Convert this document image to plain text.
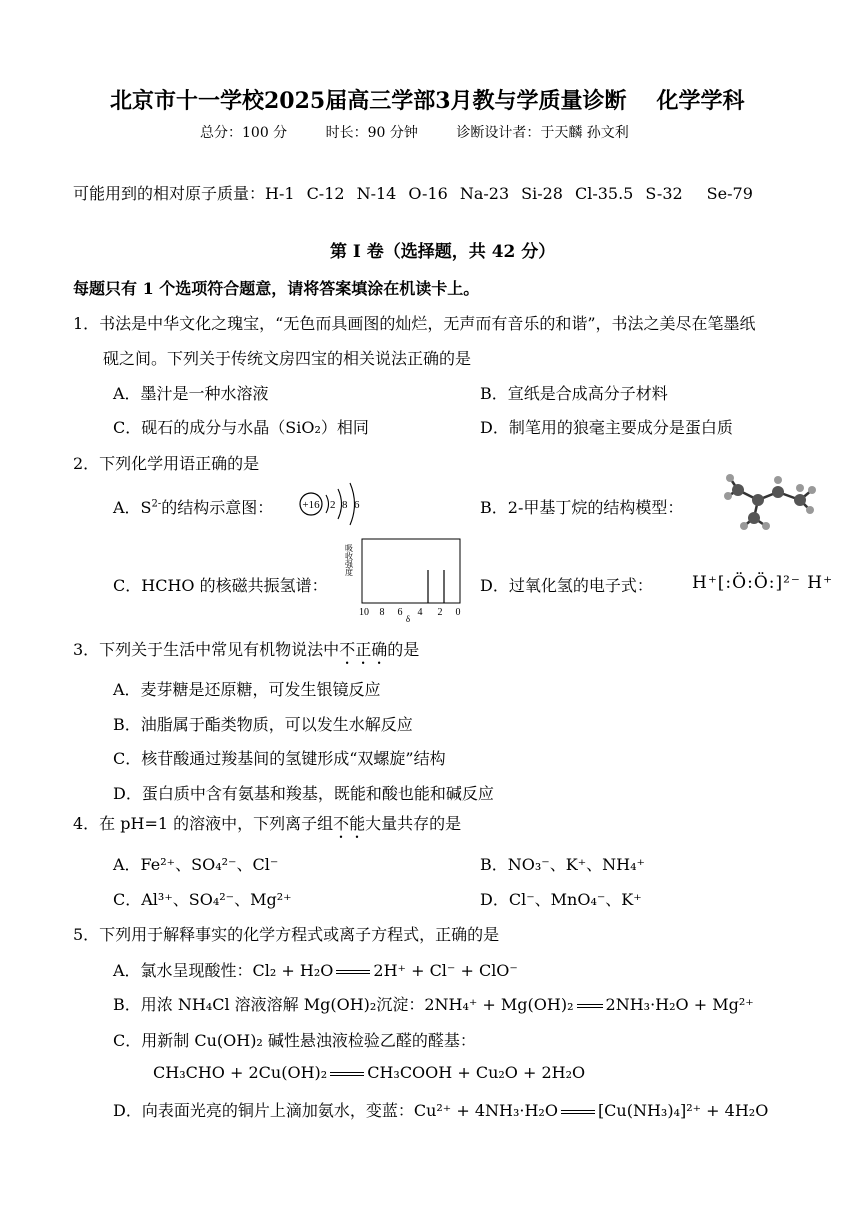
北京市十一学校2025届高三学部3月教与学质量诊断 化学学科
总分：100 分	时长：90 分钟	诊断设计者：于天麟 孙文利
可能用到的相对原子质量：H-1 C-12 N-14 O-16 Na-23 Si-28 Cl-35.5 S-32 Se-79
第 I 卷（选择题，共 42 分）
每题只有 1 个选项符合题意，请将答案填涂在机读卡上。
1．书法是中华文化之瑰宝，“无色而具画图的灿烂，无声而有音乐的和谐”，书法之美尽在笔墨纸
砚之间。下列关于传统文房四宝的相关说法正确的是
A．墨汁是一种水溶液	B．宣纸是合成高分子材料
C．砚石的成分与水晶（SiO₂）相同	D．制笔用的狼毫主要成分是蛋白质
2．下列化学用语正确的是
A．$S^{2-}$的结构示意图：	+16 2 8 6	B．2-甲基丁烷的结构模型：
C．HCHO 的核磁共振氢谱：
吸收强度
10 8 6 4 2 0
δ
D．过氧化氢的电子式： H⁺[:Ö:Ö:]²⁻ H⁺
3．下列关于生活中常见有机物说法中不正确的是
A．麦芽糖是还原糖，可发生银镜反应
B．油脂属于酯类物质，可以发生水解反应
C．核苷酸通过羧基间的氢键形成“双螺旋”结构
D．蛋白质中含有氨基和羧基，既能和酸也能和碱反应
4．在 pH=1 的溶液中，下列离子组不能大量共存的是
A．Fe²⁺、SO₄²⁻、Cl⁻	B．NO₃⁻、K⁺、NH₄⁺
C．Al³⁺、SO₄²⁻、Mg²⁺	D．Cl⁻、MnO₄⁻、K⁺
5．下列用于解释事实的化学方程式或离子方程式，正确的是
A．氯水呈现酸性：Cl₂ + H₂O	2H⁺ + Cl⁻ + ClO⁻
B．用浓 NH₄Cl 溶液溶解 Mg(OH)₂沉淀：2NH₄⁺ + Mg(OH)₂ 2NH₃·H₂O + Mg²⁺
C．用新制 Cu(OH)₂ 碱性悬浊液检验乙醛的醛基：
CH₃CHO + 2Cu(OH)₂	CH₃COOH + Cu₂O + 2H₂O
D．向表面光亮的铜片上滴加氨水，变蓝：Cu²⁺ + 4NH₃·H₂O	[Cu(NH₃)₄]²⁺ + 4H₂O
